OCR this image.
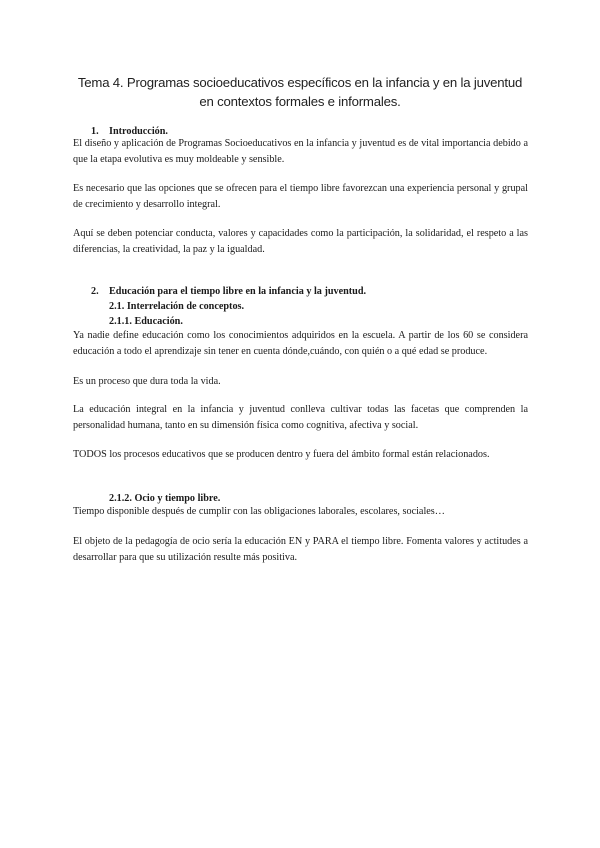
Tema 4. Programas socioeducativos específicos en la infancia y en la juventud
en contextos formales e informales.
1. Introducción.
El diseño y aplicación de Programas Socioeducativos en la infancia y juventud es de vital importancia debido a que la etapa evolutiva es muy moldeable y sensible.
Es necesario que las opciones que se ofrecen para el tiempo libre favorezcan una experiencia personal y grupal de crecimiento y desarrollo integral.
Aquí se deben potenciar conducta, valores y capacidades como la participación, la solidaridad, el respeto a las diferencias, la creatividad, la paz y la igualdad.
2. Educación para el tiempo libre en la infancia y la juventud.
2.1. Interrelación de conceptos.
2.1.1. Educación.
Ya nadie define educación como los conocimientos adquiridos en la escuela. A partir de los 60 se considera educación a todo el aprendizaje sin tener en cuenta dónde,cuándo, con quién o a qué edad se produce.
Es un proceso que dura toda la vida.
La educación integral en la infancia y juventud conlleva cultivar todas las facetas que comprenden la personalidad humana, tanto en su dimensión física como cognitiva, afectiva y social.
TODOS los procesos educativos que se producen dentro y fuera del ámbito formal están relacionados.
2.1.2. Ocio y tiempo libre.
Tiempo disponible después de cumplir con las obligaciones laborales, escolares, sociales…
El objeto de la pedagogía de ocio sería la educación EN y PARA el tiempo libre. Fomenta valores y actitudes a desarrollar para que su utilización resulte más positiva.
